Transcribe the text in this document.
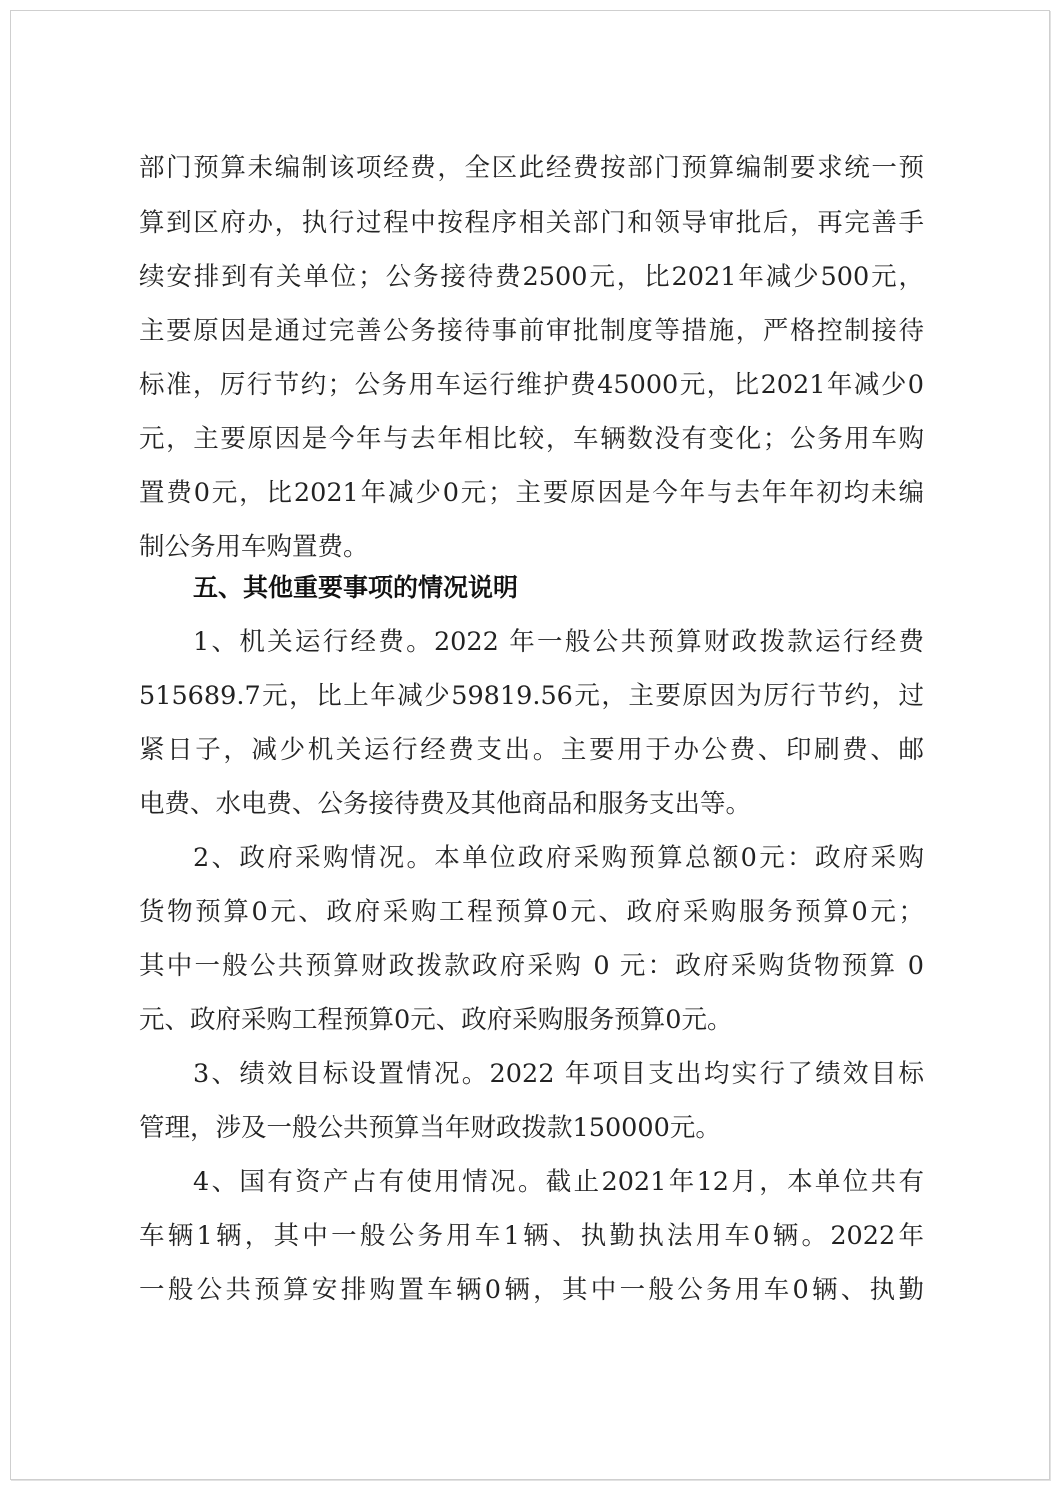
部门预算未编制该项经费，全区此经费按部门预算编制要求统一预
算到区府办，执行过程中按程序相关部门和领导审批后，再完善手
续安排到有关单位；公务接待费2500元，比2021年减少500元，
主要原因是通过完善公务接待事前审批制度等措施，严格控制接待
标准，厉行节约；公务用车运行维护费45000元，比2021年减少0
元，主要原因是今年与去年相比较，车辆数没有变化；公务用车购
置费0元，比2021年减少0元；主要原因是今年与去年年初均未编
制公务用车购置费。
五、其他重要事项的情况说明
1、机关运行经费。2022 年一般公共预算财政拨款运行经费
515689.7元，比上年减少59819.56元，主要原因为厉行节约，过
紧日子，减少机关运行经费支出。主要用于办公费、印刷费、邮
电费、水电费、公务接待费及其他商品和服务支出等。
2、政府采购情况。本单位政府采购预算总额0元：政府采购
货物预算0元、政府采购工程预算0元、政府采购服务预算0元；
其中一般公共预算财政拨款政府采购 0 元：政府采购货物预算 0
元、政府采购工程预算0元、政府采购服务预算0元。
3、绩效目标设置情况。2022 年项目支出均实行了绩效目标
管理，涉及一般公共预算当年财政拨款150000元。
4、国有资产占有使用情况。截止2021年12月，本单位共有
车辆1辆，其中一般公务用车1辆、执勤执法用车0辆。2022年
一般公共预算安排购置车辆0辆，其中一般公务用车0辆、执勤
